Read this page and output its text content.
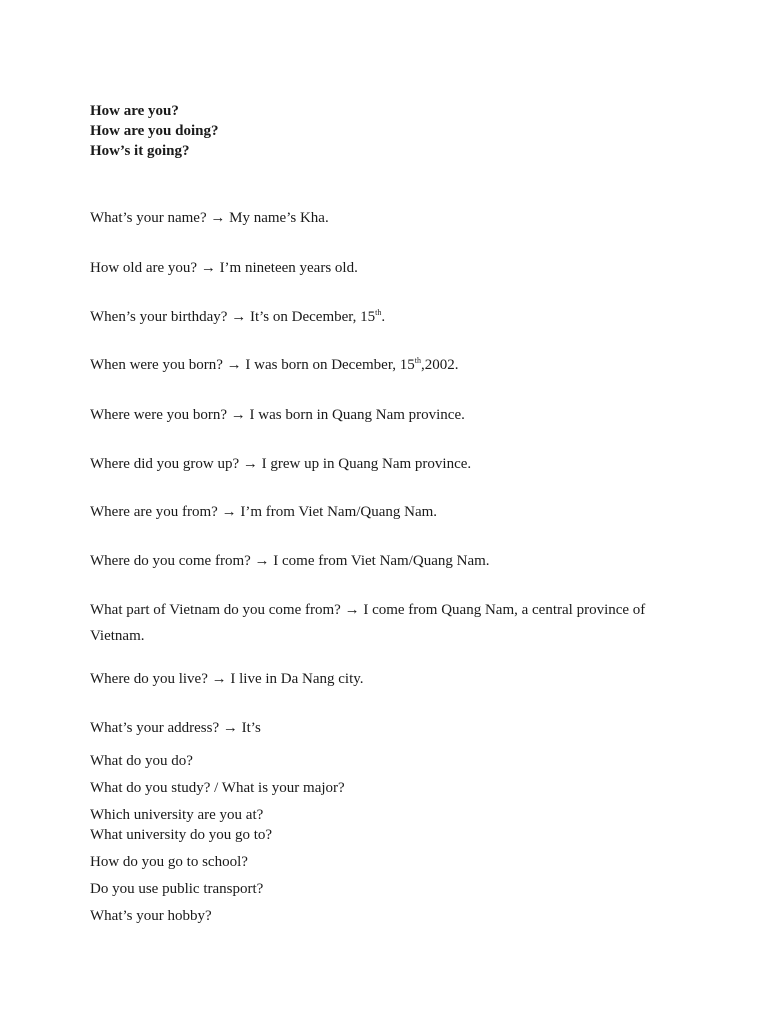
How are you?
How are you doing?
How’s it going?
What’s your name? → My name’s Kha.
How old are you? → I’m nineteen years old.
When’s your birthday? → It’s on December, 15th.
When were you born? → I was born on December, 15th,2002.
Where were you born? → I was born in Quang Nam province.
Where did you grow up? → I grew up in Quang Nam province.
Where are you from? → I’m from Viet Nam/Quang Nam.
Where do you come from? → I come from Viet Nam/Quang Nam.
What part of Vietnam do you come from? → I come from Quang Nam, a central province of Vietnam.
Where do you live? → I live in Da Nang city.
What’s your address? → It’s
What do you do?
What do you study? / What is your major?
Which university are you at?
What university do you go to?
How do you go to school?
Do you use public transport?
What’s your hobby?
